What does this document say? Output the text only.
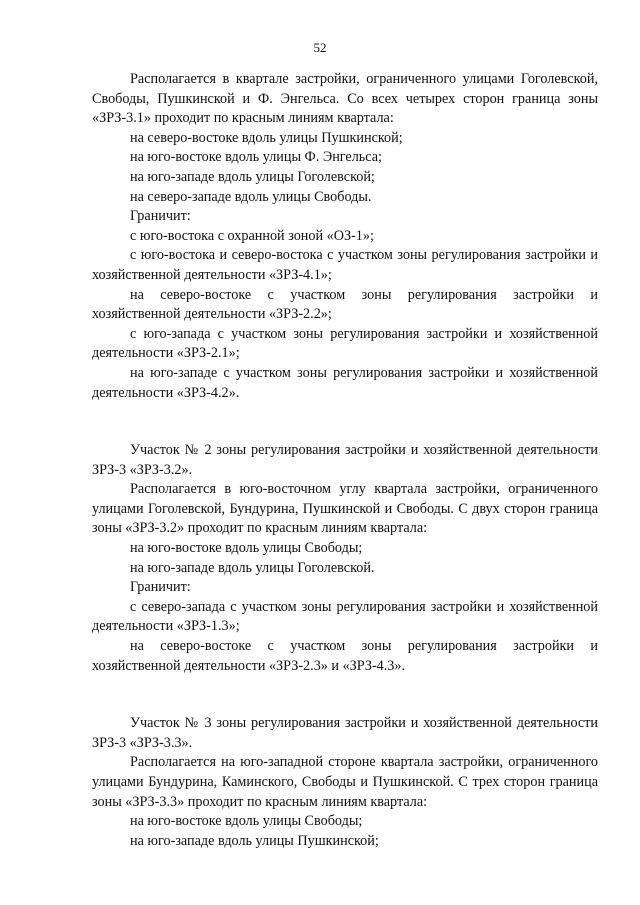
52

Располагается в квартале застройки, ограниченного улицами Гоголевской, Свободы, Пушкинской и Ф. Энгельса. Со всех четырех сторон граница зоны «ЗРЗ-3.1» проходит по красным линиям квартала:

на северо-востоке вдоль улицы Пушкинской;

на юго-востоке вдоль улицы Ф. Энгельса;

на юго-западе вдоль улицы Гоголевской;

на северо-западе вдоль улицы Свободы.

Граничит:

с юго-востока с охранной зоной «ОЗ-1»;

с юго-востока и северо-востока с участком зоны регулирования застройки и хозяйственной деятельности «ЗРЗ-4.1»;

на северо-востоке с участком зоны регулирования застройки и хозяйственной деятельности «ЗРЗ-2.2»;

с юго-запада с участком зоны регулирования застройки и хозяйственной деятельности «ЗРЗ-2.1»;

на юго-западе с участком зоны регулирования застройки и хозяйственной деятельности «ЗРЗ-4.2».

Участок № 2 зоны регулирования застройки и хозяйственной деятельности ЗРЗ-3 «ЗРЗ-3.2».

Располагается в юго-восточном углу квартала застройки, ограниченного улицами Гоголевской, Бундурина, Пушкинской и Свободы. С двух сторон граница зоны «ЗРЗ-3.2» проходит по красным линиям квартала:

на юго-востоке вдоль улицы Свободы;

на юго-западе вдоль улицы Гоголевской.

Граничит:

с северо-запада с участком зоны регулирования застройки и хозяйственной деятельности «ЗРЗ-1.3»;

на северо-востоке с участком зоны регулирования застройки и хозяйственной деятельности «ЗРЗ-2.3» и «ЗРЗ-4.3».

Участок № 3 зоны регулирования застройки и хозяйственной деятельности ЗРЗ-3 «ЗРЗ-3.3».

Располагается на юго-западной стороне квартала застройки, ограниченного улицами Бундурина, Каминского, Свободы и Пушкинской. С трех сторон граница зоны «ЗРЗ-3.3» проходит по красным линиям квартала:

на юго-востоке вдоль улицы Свободы;

на юго-западе вдоль улицы Пушкинской;
